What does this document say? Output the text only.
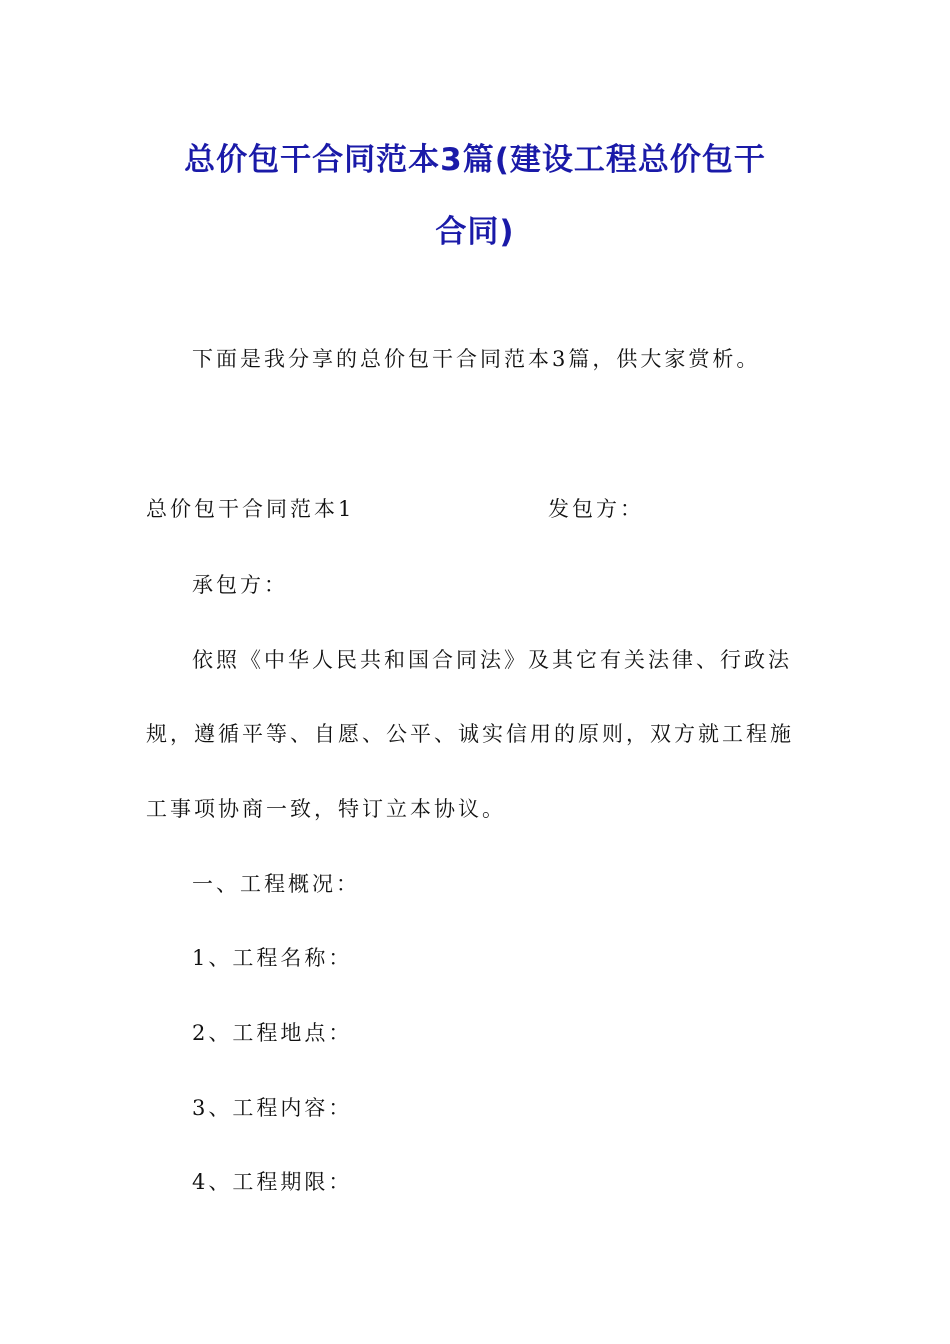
总价包干合同范本3篇(建设工程总价包干
合同)
下面是我分享的总价包干合同范本3篇，供大家赏析。
总价包干合同范本1	发包方：
承包方：
依照《中华人民共和国合同法》及其它有关法律、行政法
规，遵循平等、自愿、公平、诚实信用的原则，双方就工程施
工事项协商一致，特订立本协议。
一、工程概况：
1、工程名称：
2、工程地点：
3、工程内容：
4、工程期限：
